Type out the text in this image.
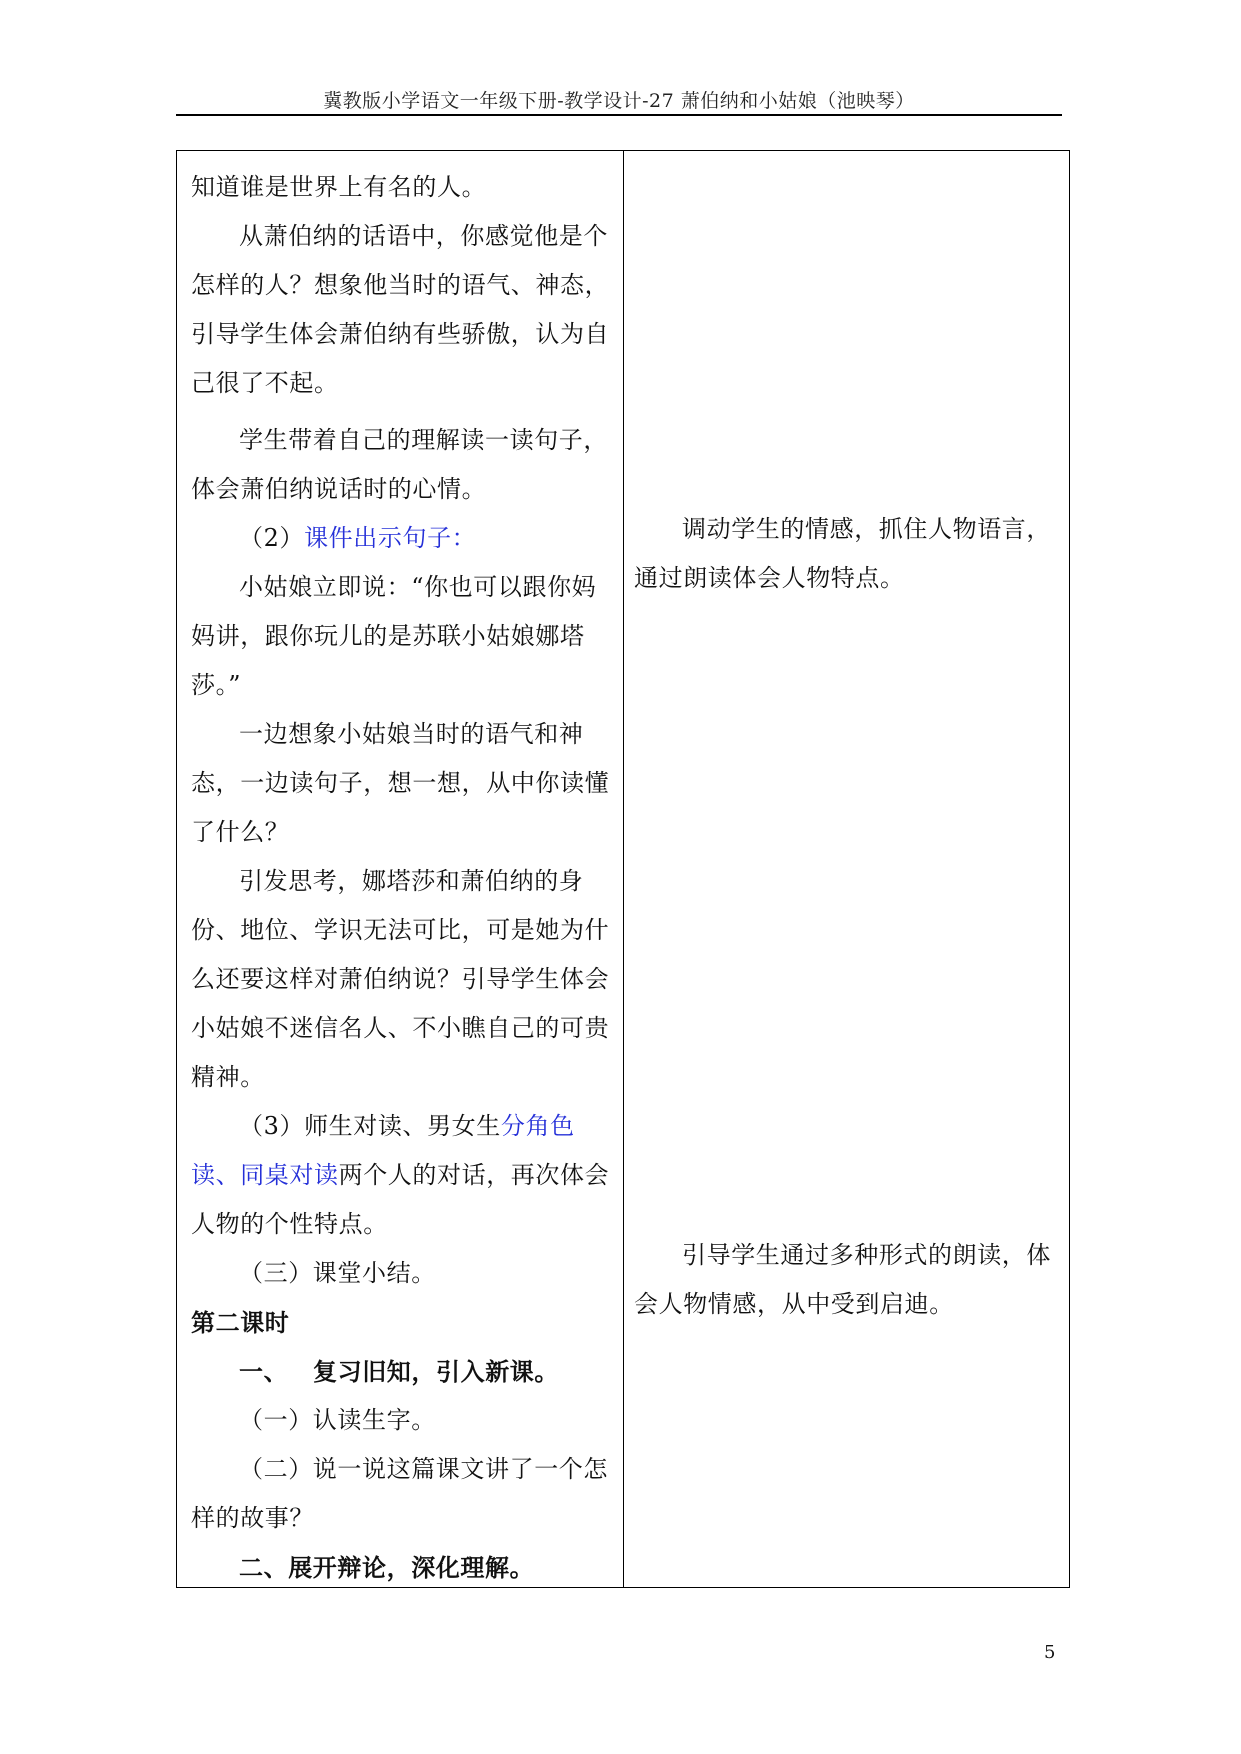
冀教版小学语文一年级下册-教学设计-27 萧伯纳和小姑娘（池映琴）

知道谁是世界上有名的人。

从萧伯纳的话语中，你感觉他是个怎样的人？想象他当时的语气、神态，引导学生体会萧伯纳有些骄傲，认为自己很了不起。

学生带着自己的理解读一读句子，体会萧伯纳说话时的心情。

（2）课件出示句子：

小姑娘立即说：“你也可以跟你妈妈讲，跟你玩儿的是苏联小姑娘娜塔莎。”

一边想象小姑娘当时的语气和神态，一边读句子，想一想，从中你读懂了什么？

引发思考，娜塔莎和萧伯纳的身份、地位、学识无法可比，可是她为什么还要这样对萧伯纳说？引导学生体会小姑娘不迷信名人、不小瞧自己的可贵精神。

（3）师生对读、男女生分角色读、同桌对读两个人的对话，再次体会人物的个性特点。

（三）课堂小结。

第二课时

一、 复习旧知，引入新课。

（一）认读生字。

（二）说一说这篇课文讲了一个怎样的故事？

二、展开辩论，深化理解。

调动学生的情感，抓住人物语言，通过朗读体会人物特点。

引导学生通过多种形式的朗读，体会人物情感，从中受到启迪。

5
